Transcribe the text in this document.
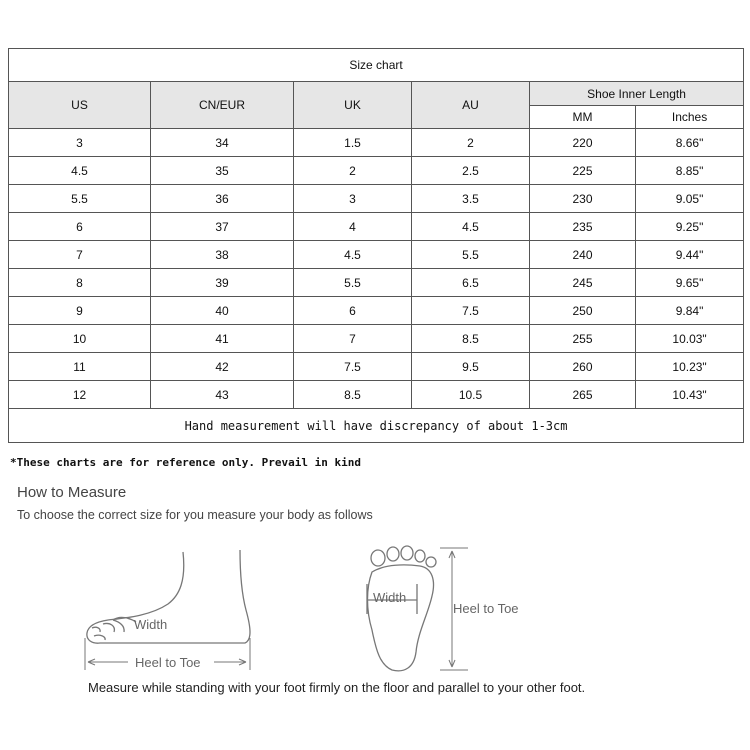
Size chart					
US	CN/EUR	UK	AU	Shoe Inner Length	
				MM	Inches
3	34	1.5	2	220	8.66"
4.5	35	2	2.5	225	8.85"
5.5	36	3	3.5	230	9.05"
6	37	4	4.5	235	9.25"
7	38	4.5	5.5	240	9.44"
8	39	5.5	6.5	245	9.65"
9	40	6	7.5	250	9.84"
10	41	7	8.5	255	10.03"
11	42	7.5	9.5	260	10.23"
12	43	8.5	10.5	265	10.43"
Hand measurement will have discrepancy of about 1-3cm					
*These charts are for reference only. Prevail in kind
How to Measure
To choose the correct size for you measure your body as follows
Width
Heel to Toe
Width
Heel to Toe
Measure while standing with your foot firmly on the floor and parallel to your other foot.
